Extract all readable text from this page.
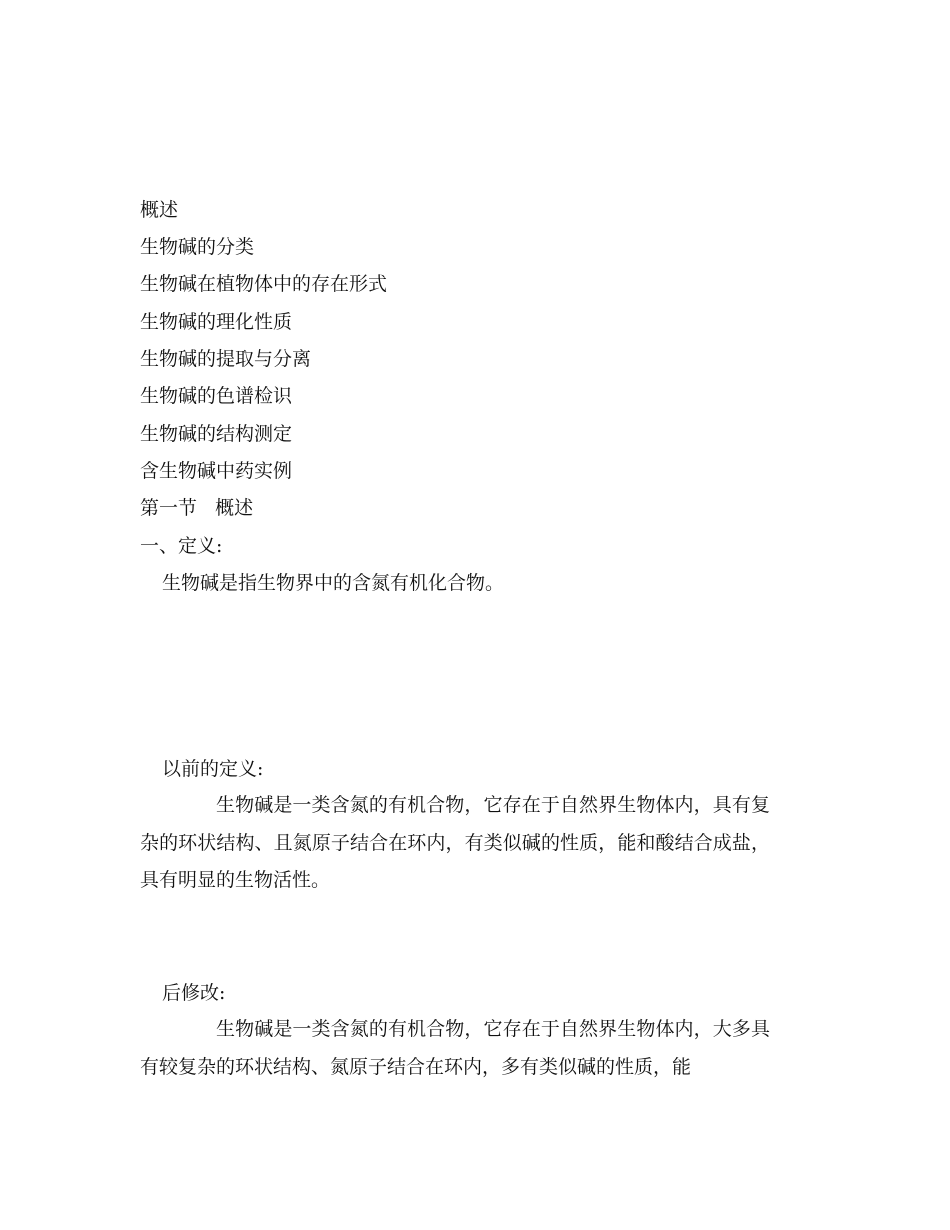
概述
生物碱的分类
生物碱在植物体中的存在形式
生物碱的理化性质
生物碱的提取与分离
生物碱的色谱检识
生物碱的结构测定
含生物碱中药实例
第一节   概述
一、定义:
生物碱是指生物界中的含氮有机化合物。
以前的定义:
生物碱是一类含氮的有机合物，它存在于自然界生物体内，具有复杂的环状结构、且氮原子结合在环内，有类似碱的性质，能和酸结合成盐，具有明显的生物活性。
后修改:
生物碱是一类含氮的有机合物，它存在于自然界生物体内，大多具有较复杂的环状结构、氮原子结合在环内，多有类似碱的性质，能
